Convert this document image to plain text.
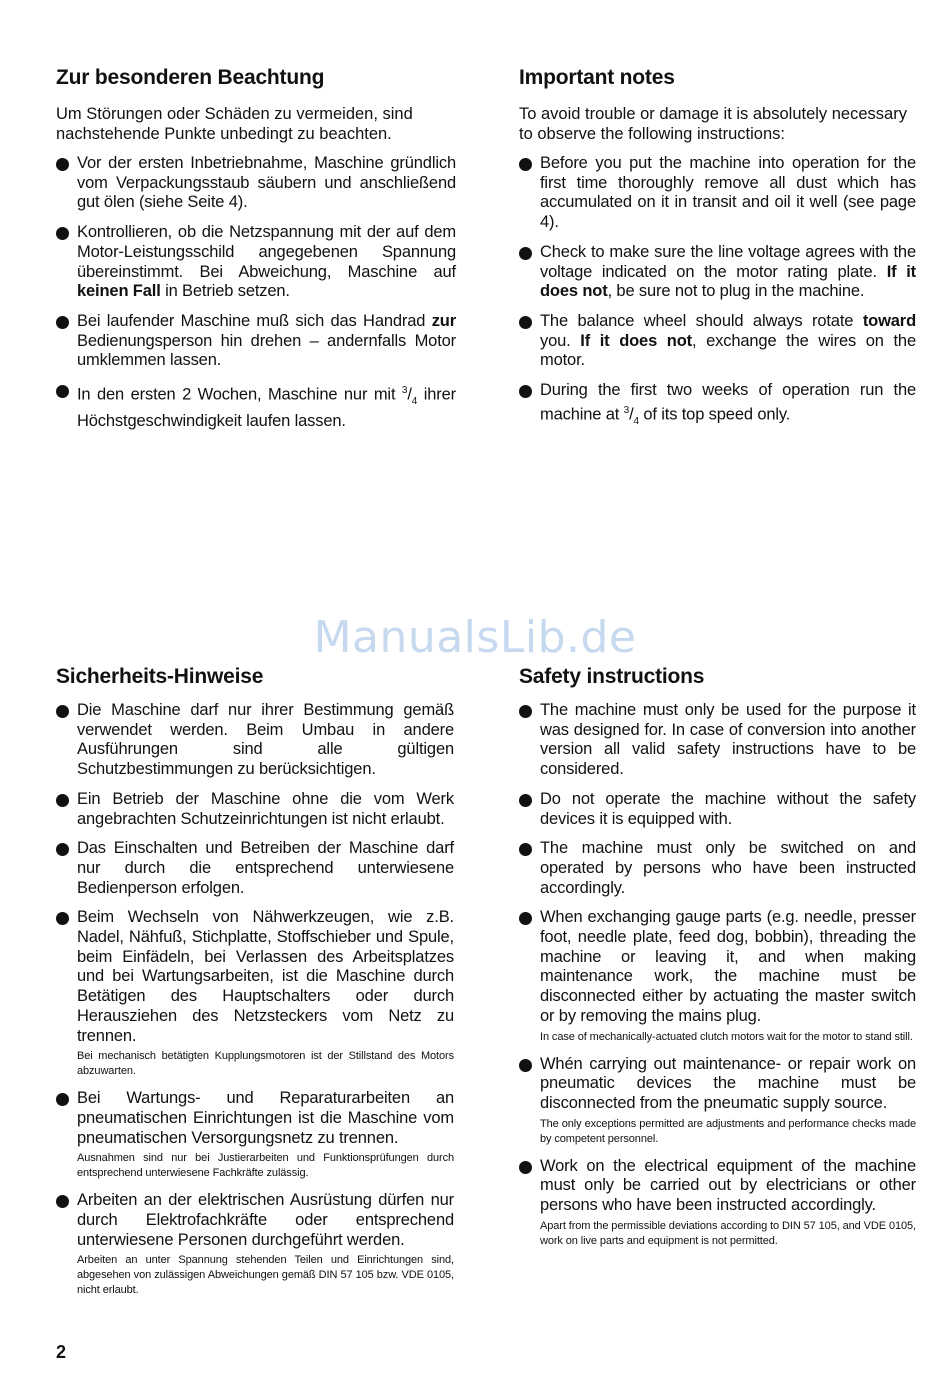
ManualsLib.de
Zur besonderen Beachtung

Um Störungen oder Schäden zu vermeiden, sind nachstehende Punkte unbedingt zu beachten.

Vor der ersten Inbetriebnahme, Maschine gründlich vom Verpackungsstaub säubern und anschließend gut ölen (siehe Seite 4).
Kontrollieren, ob die Netzspannung mit der auf dem Motor-Leistungsschild angegebenen Spannung übereinstimmt. Bei Abweichung, Maschine auf keinen Fall in Betrieb setzen.
Bei laufender Maschine muß sich das Handrad zur Bedienungsperson hin drehen – andernfalls Motor umklemmen lassen.
In den ersten 2 Wochen, Maschine nur mit $^3/_4$ ihrer Höchstgeschwindigkeit laufen lassen.
Important notes

To avoid trouble or damage it is absolutely necessary to observe the following instructions:

Before you put the machine into operation for the first time thoroughly remove all dust which has accumulated on it in transit and oil it well (see page 4).
Check to make sure the line voltage agrees with the voltage indicated on the motor rating plate. If it does not, be sure not to plug in the machine.
The balance wheel should always rotate toward you. If it does not, exchange the wires on the motor.
During the first two weeks of operation run the machine at $^3/_4$ of its top speed only.
Sicherheits-Hinweise
Die Maschine darf nur ihrer Bestimmung gemäß verwendet werden. Beim Umbau in andere Ausführungen sind alle gültigen Schutzbestimmungen zu berücksichtigen.
Ein Betrieb der Maschine ohne die vom Werk angebrachten Schutzeinrichtungen ist nicht erlaubt.
Das Einschalten und Betreiben der Maschine darf nur durch die entsprechend unterwiesene Bedienperson erfolgen.
Beim Wechseln von Nähwerkzeugen, wie z.B. Nadel, Nähfuß, Stichplatte, Stoffschieber und Spule, beim Einfädeln, bei Verlassen des Arbeitsplatzes und bei Wartungsarbeiten, ist die Maschine durch Betätigen des Hauptschalters oder durch Herausziehen des Netzsteckers vom Netz zu trennen.
Bei mechanisch betätigten Kupplungsmotoren ist der Stillstand des Motors abzuwarten.
Bei Wartungs- und Reparaturarbeiten an pneumatischen Einrichtungen ist die Maschine vom pneumatischen Versorgungsnetz zu trennen.
Ausnahmen sind nur bei Justierarbeiten und Funktionsprüfungen durch entsprechend unterwiesene Fachkräfte zulässig.
Arbeiten an der elektrischen Ausrüstung dürfen nur durch Elektrofachkräfte oder entsprechend unterwiesene Personen durchgeführt werden.
Arbeiten an unter Spannung stehenden Teilen und Einrichtungen sind, abgesehen von zulässigen Abweichungen gemäß DIN 57 105 bzw. VDE 0105, nicht erlaubt.
Safety instructions
The machine must only be used for the purpose it was designed for. In case of conversion into another version all valid safety instructions have to be considered.
Do not operate the machine without the safety devices it is equipped with.
The machine must only be switched on and operated by persons who have been instructed accordingly.
When exchanging gauge parts (e.g. needle, presser foot, needle plate, feed dog, bobbin), threading the machine or leaving it, and when making maintenance work, the machine must be disconnected either by actuating the master switch or by removing the mains plug.
In case of mechanically-actuated clutch motors wait for the motor to stand still.
Whén carrying out maintenance- or repair work on pneumatic devices the machine must be disconnected from the pneumatic supply source.
The only exceptions permitted are adjustments and performance checks made by competent personnel.
Work on the electrical equipment of the machine must only be carried out by electricians or other persons who have been instructed accordingly.
Apart from the permissible deviations according to DIN 57 105, and VDE 0105, work on live parts and equipment is not permitted.
2
